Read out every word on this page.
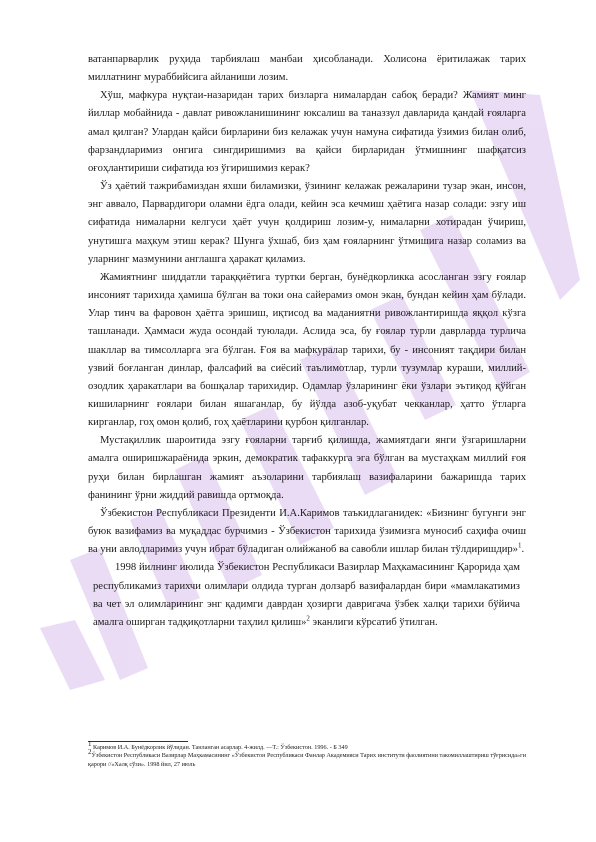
ватанпарварлик руҳида тарбиялаш манбаи ҳисобланади. Холисона ёритилажак тарих миллатнинг мураббийсига айланиши лозим.

Хўш, мафкура нуқтаи-назаридан тарих бизларга нималардан сабоқ беради? Жамият минг йиллар мобайнида - давлат ривожланишининг юксалиш ва таназзул давларида қандай ғояларга амал қилган? Улардан қайси бирларини биз келажак учун намуна сифатида ўзимиз билан олиб, фарзандларимиз онгига сингдиришимиз ва қайси бирларидан ўтмишнинг шафқатсиз оғоҳлантириши сифатида юз ўгиришимиз керак?

Ўз ҳаётий тажрибамиздан яхши биламизки, ўзининг келажак режаларини тузар экан, инсон, энг аввало, Парвардигори оламни ёдга олади, кейин эса кечмиш ҳаётига назар солади: эзгу иш сифатида нималарни келгуси ҳаёт учун қолдириш лозим-у, нималарни хотирадан ўчириш, унутишга маҳкум этиш керак? Шунга ўхшаб, биз ҳам ғояларнинг ўтмишига назар соламиз ва уларнинг мазмунини англашга ҳаракат қиламиз.

Жамиятнинг шиддатли тараққиётига туртки берган, бунёдкорликка асосланган эзгу ғоялар инсоният тарихида ҳамиша бўлган ва токи она сайерамиз омон экан, бундан кейин ҳам бўлади. Улар тинч ва фаровон ҳаётга эришиш, иқтисод ва маданиятни ривожлантиришда яққол кўзга ташланади. Ҳаммаси жуда осондай туюлади. Аслида эса, бу ғоялар турли даврларда турлича шакллар ва тимсолларга эга бўлган. Ғоя ва мафкуралар тарихи, бу - инсоният тақдири билан узвий боғланган динлар, фалсафий ва сиёсий таълимотлар, турли тузумлар кураши, миллий-озодлик ҳаракатлари ва бошқалар тарихидир. Одамлар ўзларининг ёки ўзлари эътиқод қўйган кишиларнинг ғоялари билан яшаганлар, бу йўлда азоб-уқубат чекканлар, ҳатто ўтларга кирганлар, гоҳ омон қолиб, гоҳ ҳаётларини қурбон қилганлар.

Мустақиллик шароитида эзгу ғояларни тарғиб қилишда, жамиятдаги янги ўзгаришларни амалга оширишжараёнида эркин, демократик тафаккурга эга бўлган ва мустаҳкам миллий ғоя руҳи билан бирлашган жамият аъзоларини тарбиялаш вазифаларини бажаришда тарих фанининг ўрни жиддий равишда ортмоқда.

Ўзбекистон Республикаси Президенти И.А.Каримов таъкидлаганидек: «Бизнинг бугунги энг буюк вазифамиз ва муқаддас бурчимиз - Ўзбекистон тарихида ўзимизга муносиб саҳифа очиш ва уни авлодларимиз учун ибрат бўладиган олийжаноб ва савобли ишлар билан тўлдиришдир»$^1$.

1998 йилнинг июлида Ўзбекистон Республикаси Вазирлар Маҳкамасининг Қарорида ҳам республикамиз тарихчи олимлари олдида турган долзарб вазифалардан бири «мамлакатимиз ва чет эл олимларининг энг қадимги даврдан ҳозирги давригача ўзбек халқи тарихи бўйича амалга оширган тадқиқотларни таҳлил қилиш»$^2$ эканлиги кўрсатиб ўтилган.

$^1$ Каримов И.А. Бунёдкорлик йўлидан. Танланган асарлар. 4-жилд. —Т.: Ўзбекистон. 1996. - Б 349

$^2$Ўзбекистон Республикаси Вазирлар Маҳкамасининг «Ўзбекистон Республикаси Фанлар Академияси Тарих институти фаолиятини такомиллаштириш тўғрисида»ги қарори //«Халқ сўзи». 1998 йил, 27 июль
